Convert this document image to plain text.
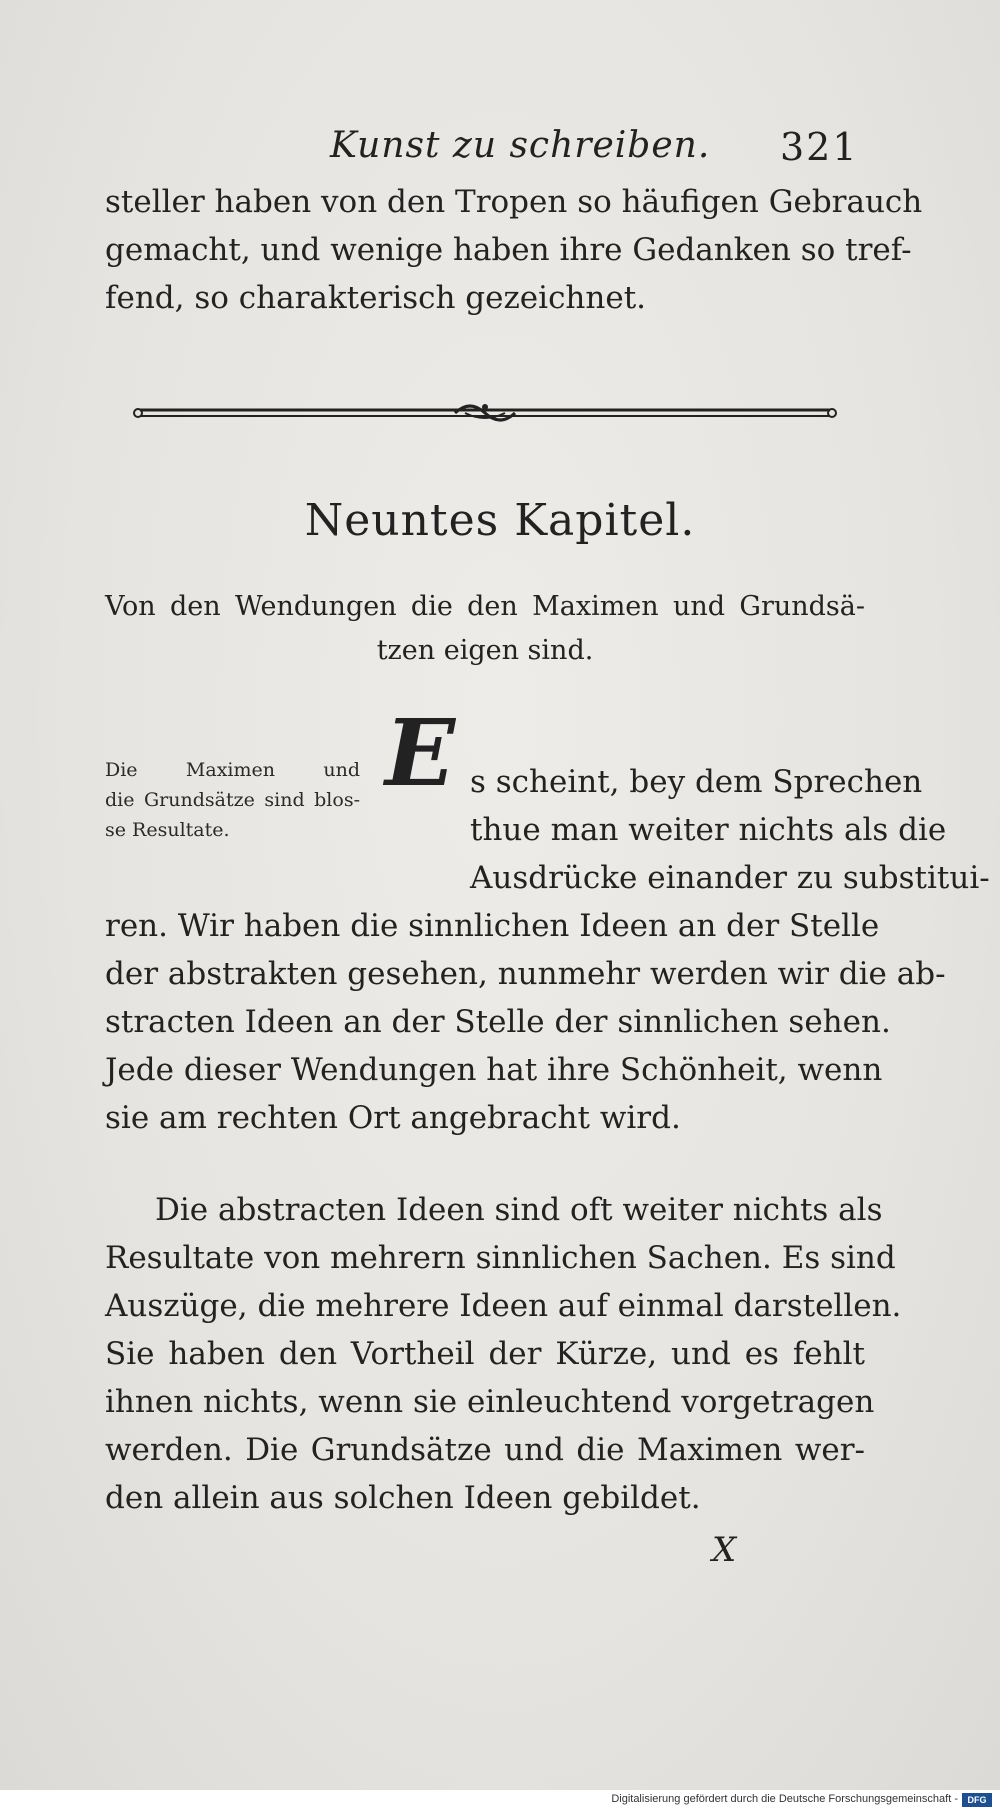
Kunst zu schreiben. 321
steller haben von den Tropen so häufigen Gebrauch
gemacht, und wenige haben ihre Gedanken so tref-
fend, so charakterisch gezeichnet.
Neuntes Kapitel.
Von den Wendungen die den Maximen und Grundsä-
tzen eigen sind.
Die Maximen und
die Grundsätze sind blos-
se Resultate.
E s scheint, bey dem Sprechen
thue man weiter nichts als die
Ausdrücke einander zu substitui-
ren. Wir haben die sinnlichen Ideen an der Stelle
der abstrakten gesehen, nunmehr werden wir die ab-
stracten Ideen an der Stelle der sinnlichen sehen.
Jede dieser Wendungen hat ihre Schönheit, wenn
sie am rechten Ort angebracht wird.
Die abstracten Ideen sind oft weiter nichts als
Resultate von mehrern sinnlichen Sachen. Es sind
Auszüge, die mehrere Ideen auf einmal darstellen.
Sie haben den Vortheil der Kürze, und es fehlt
ihnen nichts, wenn sie einleuchtend vorgetragen
werden. Die Grundsätze und die Maximen wer-
den allein aus solchen Ideen gebildet.
X
Digitalisierung gefördert durch die Deutsche Forschungsgemeinschaft -	DFG
